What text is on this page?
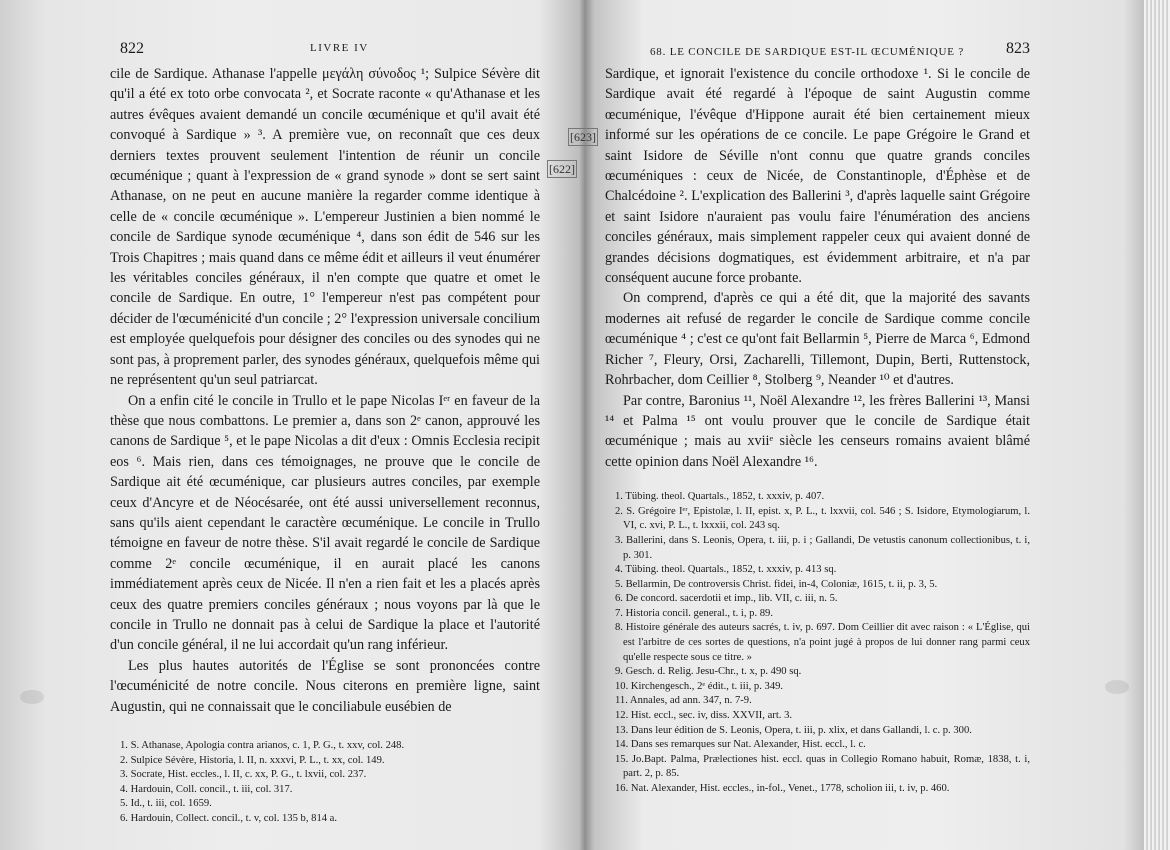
822	LIVRE IV

cile de Sardique. Athanase l'appelle μεγάλη σύνοδος ¹; Sulpice Sévère dit qu'il a été ex toto orbe convocata ², et Socrate raconte « qu'Athanase et les autres évêques avaient demandé un concile œcuménique et qu'il avait été convoqué à Sardique » ³. A première vue, on reconnaît que ces deux derniers textes prouvent seulement l'intention de réunir un concile œcuménique ; quant à l'expression de « grand synode » dont se sert saint Athanase, on ne peut en aucune manière la regarder comme identique à celle de « concile œcuménique ». L'empereur Justinien a bien nommé le concile de Sardique synode œcuménique ⁴, dans son édit de 546 sur les Trois Chapitres ; mais quand dans ce même édit et ailleurs il veut énumérer les véritables conciles généraux, il n'en compte que quatre et omet le concile de Sardique. En outre, 1° l'empereur n'est pas compétent pour décider de l'œcuménicité d'un concile ; 2° l'expression universale concilium est employée quelquefois pour désigner des conciles ou des synodes qui ne sont pas, à proprement parler, des synodes généraux, quelquefois même qui ne représentent qu'un seul patriarcat.

On a enfin cité le concile in Trullo et le pape Nicolas Iᵉʳ en faveur de la thèse que nous combattons. Le premier a, dans son 2ᵉ canon, approuvé les canons de Sardique ⁵, et le pape Nicolas a dit d'eux : Omnis Ecclesia recipit eos ⁶. Mais rien, dans ces témoignages, ne prouve que le concile de Sardique ait été œcuménique, car plusieurs autres conciles, par exemple ceux d'Ancyre et de Néocésarée, ont été aussi universellement reconnus, sans qu'ils aient cependant le caractère œcuménique. Le concile in Trullo témoigne en faveur de notre thèse. S'il avait regardé le concile de Sardique comme 2ᵉ concile œcuménique, il en aurait placé les canons immédiatement après ceux de Nicée. Il n'en a rien fait et les a placés après ceux des quatre premiers conciles généraux ; nous voyons par là que le concile in Trullo ne donnait pas à celui de Sardique la place et l'autorité d'un concile général, il ne lui accordait qu'un rang inférieur.

Les plus hautes autorités de l'Église se sont prononcées contre l'œcuménicité de notre concile. Nous citerons en première ligne, saint Augustin, qui ne connaissait que le conciliabule eusébien de

1. S. Athanase, Apologia contra arianos, c. 1, P. G., t. xxv, col. 248.
2. Sulpice Sévère, Historia, l. II, n. xxxvi, P. L., t. xx, col. 149.
3. Socrate, Hist. eccles., l. II, c. xx, P. G., t. lxvii, col. 237.
4. Hardouin, Coll. concil., t. iii, col. 317.
5. Id., t. iii, col. 1659.
6. Hardouin, Collect. concil., t. v, col. 135 b, 814 a.
[622]
68. LE CONCILE DE SARDIQUE EST-IL ŒCUMÉNIQUE ?	823

Sardique, et ignorait l'existence du concile orthodoxe ¹. Si le concile de Sardique avait été regardé à l'époque de saint Augustin comme œcuménique, l'évêque d'Hippone aurait été bien certainement mieux informé sur les opérations de ce concile. Le pape Grégoire le Grand et saint Isidore de Séville n'ont connu que quatre grands conciles œcuméniques : ceux de Nicée, de Constantinople, d'Éphèse et de Chalcédoine ². L'explication des Ballerini ³, d'après laquelle saint Grégoire et saint Isidore n'auraient pas voulu faire l'énumération des anciens conciles généraux, mais simplement rappeler ceux qui avaient donné de grandes décisions dogmatiques, est évidemment arbitraire, et n'a par conséquent aucune force probante.

On comprend, d'après ce qui a été dit, que la majorité des savants modernes ait refusé de regarder le concile de Sardique comme concile œcuménique ⁴ ; c'est ce qu'ont fait Bellarmin ⁵, Pierre de Marca ⁶, Edmond Richer ⁷, Fleury, Orsi, Zacharelli, Tillemont, Dupin, Berti, Ruttenstock, Rohrbacher, dom Ceillier ⁸, Stolberg ⁹, Neander ¹⁰ et d'autres.

Par contre, Baronius ¹¹, Noël Alexandre ¹², les frères Ballerini ¹³, Mansi ¹⁴ et Palma ¹⁵ ont voulu prouver que le concile de Sardique était œcuménique ; mais au xviiᵉ siècle les censeurs romains avaient blâmé cette opinion dans Noël Alexandre ¹⁶.

1. Tübing. theol. Quartals., 1852, t. xxxiv, p. 407.
2. S. Grégoire Iᵉʳ, Epistolæ, l. II, epist. x, P. L., t. lxxvii, col. 546 ; S. Isidore, Etymologiarum, l. VI, c. xvi, P. L., t. lxxxii, col. 243 sq.
3. Ballerini, dans S. Leonis, Opera, t. iii, p. i ; Gallandi, De vetustis canonum collectionibus, t. i, p. 301.
4. Tübing. theol. Quartals., 1852, t. xxxiv, p. 413 sq.
5. Bellarmin, De controversis Christ. fidei, in-4, Coloniæ, 1615, t. ii, p. 3, 5.
6. De concord. sacerdotii et imp., lib. VII, c. iii, n. 5.
7. Historia concil. general., t. i, p. 89.
8. Histoire générale des auteurs sacrés, t. iv, p. 697. Dom Ceillier dit avec raison : « L'Église, qui est l'arbitre de ces sortes de questions, n'a point jugé à propos de lui donner rang parmi ceux qu'elle respecte sous ce titre. »
9. Gesch. d. Relig. Jesu-Chr., t. x, p. 490 sq.
10. Kirchengesch., 2ᵉ édit., t. iii, p. 349.
11. Annales, ad ann. 347, n. 7-9.
12. Hist. eccl., sec. iv, diss. XXVII, art. 3.
13. Dans leur édition de S. Leonis, Opera, t. iii, p. xlix, et dans Gallandi, l. c. p. 300.
14. Dans ses remarques sur Nat. Alexander, Hist. eccl., l. c.
15. Jo.Bapt. Palma, Prælectiones hist. eccl. quas in Collegio Romano habuit, Romæ, 1838, t. i, part. 2, p. 85.
16. Nat. Alexander, Hist. eccles., in-fol., Venet., 1778, scholion iii, t. iv, p. 460.
[623]
